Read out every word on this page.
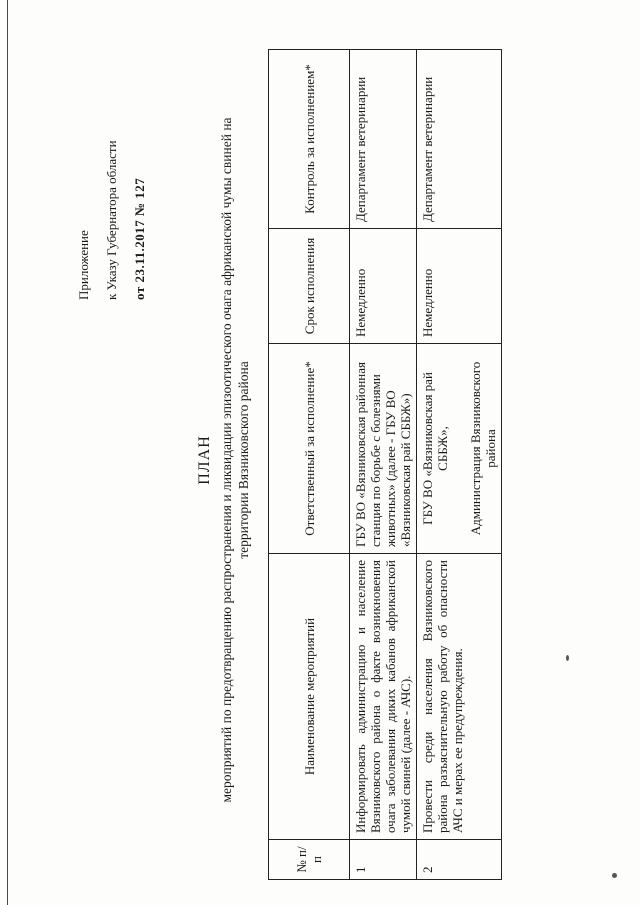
Приложение	к Указу Губернатора области	от 23.11.2017 № 127
ПЛАН мероприятий по предотвращению распространения и ликвидации эпизоотического очага африканской чумы свиней на территории Вязниковского района
№ п/п	Наименование мероприятий	Ответственный за исполнение*	Срок исполнения	Контроль за исполнением*
1	Информировать администрацию и население Вязниковского района о факте возникновения очага заболевания диких кабанов африканской чумой свиней (далее - АЧС).	ГБУ ВО «Вязниковская районная станция по борьбе с болезнями животных» (далее - ГБУ ВО «Вязниковская рай СББЖ»)	Немедленно	Департамент ветеринарии
2	Провести среди населения Вязниковского района разъяснительную работу об опасности АЧС и мерах ее предупреждения.	ГБУ ВО «Вязниковская рай СББЖ», Администрация Вязниковского района	Немедленно	Департамент ветеринарии
